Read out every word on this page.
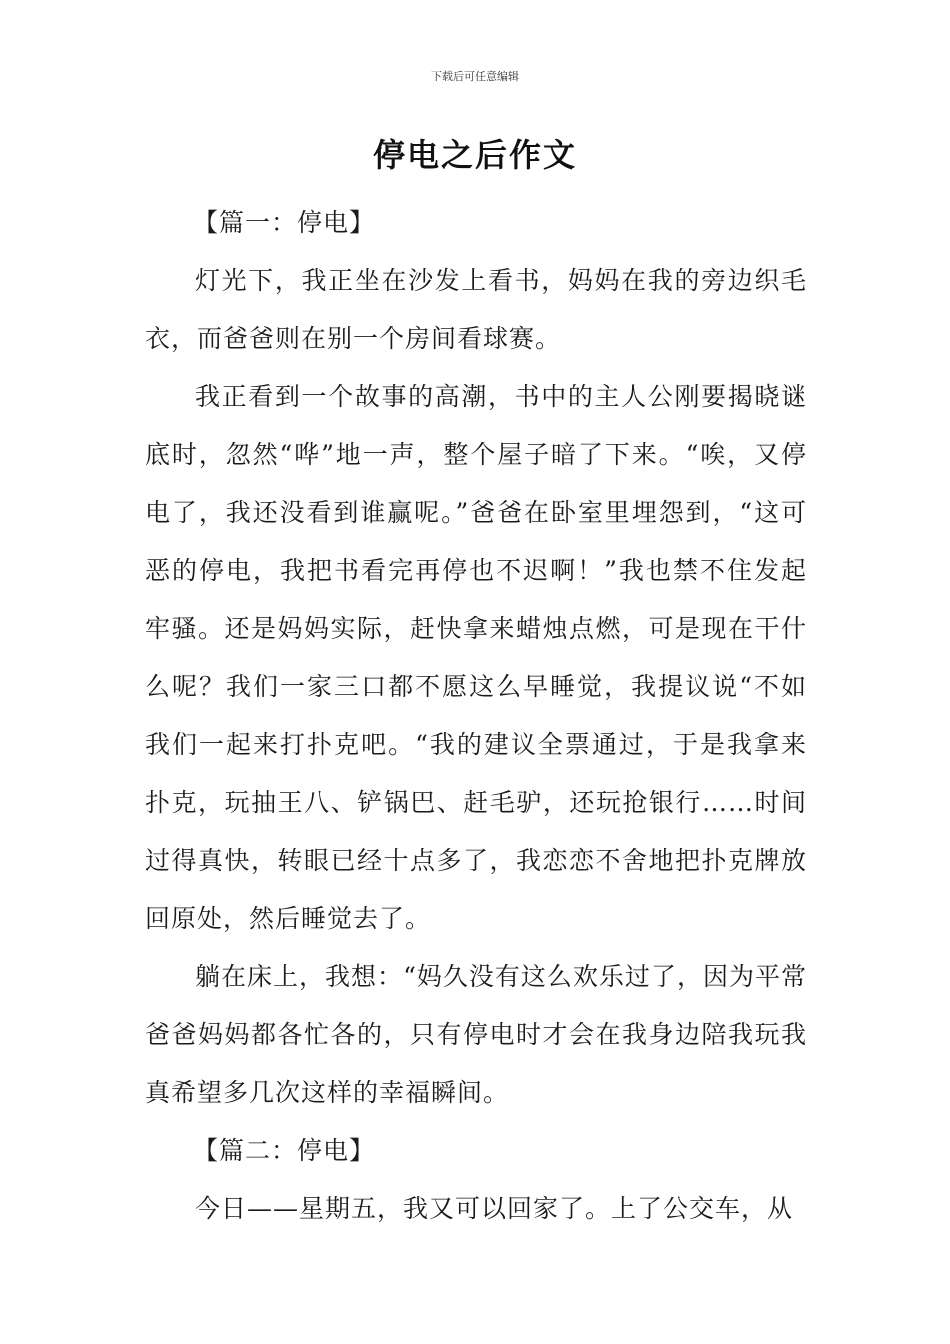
下载后可任意编辑
停电之后作文

【篇一：停电】

灯光下，我正坐在沙发上看书，妈妈在我的旁边织毛衣，而爸爸则在别一个房间看球赛。

我正看到一个故事的高潮，书中的主人公刚要揭晓谜底时，忽然“哗”地一声，整个屋子暗了下来。“唉，又停电了，我还没看到谁赢呢。”爸爸在卧室里埋怨到，“这可恶的停电，我把书看完再停也不迟啊！”我也禁不住发起牢骚。还是妈妈实际，赶快拿来蜡烛点燃，可是现在干什么呢？我们一家三口都不愿这么早睡觉，我提议说“不如我们一起来打扑克吧。“我的建议全票通过，于是我拿来扑克，玩抽王八、铲锅巴、赶毛驴，还玩抢银行……时间过得真快，转眼已经十点多了，我恋恋不舍地把扑克牌放回原处，然后睡觉去了。

躺在床上，我想：“妈久没有这么欢乐过了，因为平常爸爸妈妈都各忙各的，只有停电时才会在我身边陪我玩我真希望多几次这样的幸福瞬间。

【篇二：停电】

今日——星期五，我又可以回家了。上了公交车，从
